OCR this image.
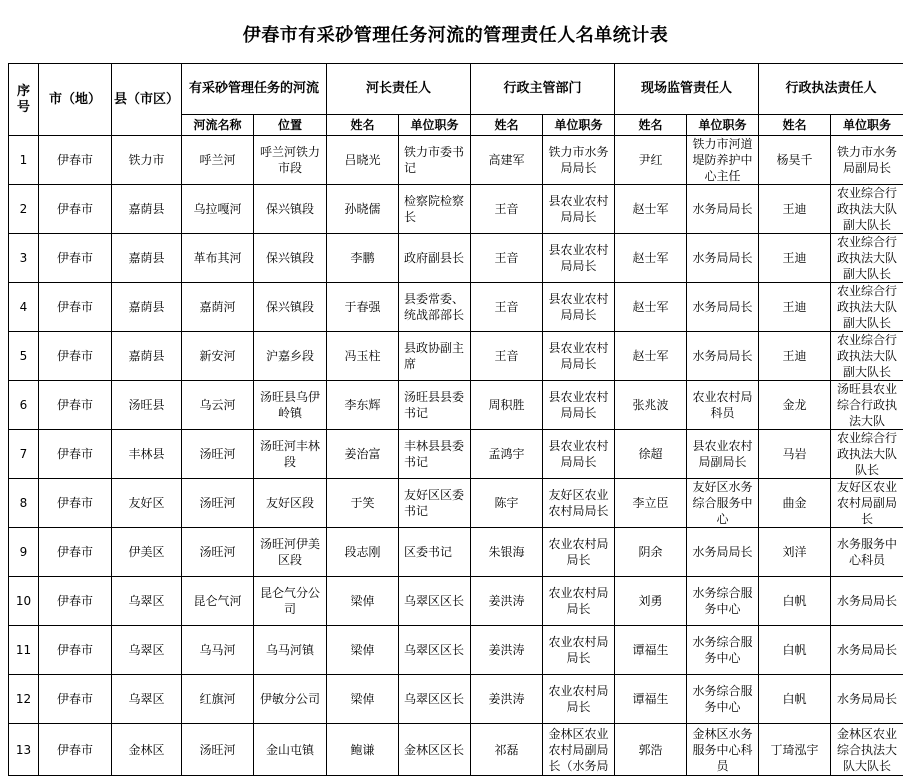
伊春市有采砂管理任务河流的管理责任人名单统计表
序号	市（地）	县（市区）	有采砂管理任务的河流		河长责任人		行政主管部门		现场监管责任人		行政执法责任人	
			河流名称	位置	姓名	单位职务	姓名	单位职务	姓名	单位职务	姓名	单位职务
1	伊春市	铁力市	呼兰河	呼兰河铁力市段	吕晓光	铁力市委书记	高建军	铁力市水务局局长	尹红	铁力市河道堤防养护中心主任	杨昊千	铁力市水务局副局长
2	伊春市	嘉荫县	乌拉嘎河	保兴镇段	孙晓儒	检察院检察长	王音	县农业农村局局长	赵士军	水务局局长	王迪	农业综合行政执法大队副大队长
3	伊春市	嘉荫县	革布其河	保兴镇段	李鹏	政府副县长	王音	县农业农村局局长	赵士军	水务局局长	王迪	农业综合行政执法大队副大队长
4	伊春市	嘉荫县	嘉荫河	保兴镇段	于春强	县委常委、统战部部长	王音	县农业农村局局长	赵士军	水务局局长	王迪	农业综合行政执法大队副大队长
5	伊春市	嘉荫县	新安河	沪嘉乡段	冯玉柱	县政协副主席	王音	县农业农村局局长	赵士军	水务局局长	王迪	农业综合行政执法大队副大队长
6	伊春市	汤旺县	乌云河	汤旺县乌伊岭镇	李东辉	汤旺县县委书记	周积胜	县农业农村局局长	张兆波	农业农村局科员	金龙	汤旺县农业综合行政执法大队
7	伊春市	丰林县	汤旺河	汤旺河丰林段	姜治富	丰林县县委书记	孟鸿宇	县农业农村局局长	徐超	县农业农村局副局长	马岩	农业综合行政执法大队队长
8	伊春市	友好区	汤旺河	友好区段	于笑	友好区区委书记	陈宇	友好区农业农村局局长	李立臣	友好区水务综合服务中心	曲金	友好区农业农村局副局长
9	伊春市	伊美区	汤旺河	汤旺河伊美区段	段志刚	区委书记	朱银海	农业农村局局长	阴余	水务局局长	刘洋	水务服务中心科员
10	伊春市	乌翠区	昆仑气河	昆仑气分公司	梁倬	乌翠区区长	姜洪涛	农业农村局局长	刘勇	水务综合服务中心	白帆	水务局局长
11	伊春市	乌翠区	乌马河	乌马河镇	梁倬	乌翠区区长	姜洪涛	农业农村局局长	谭福生	水务综合服务中心	白帆	水务局局长
12	伊春市	乌翠区	红旗河	伊敏分公司	梁倬	乌翠区区长	姜洪涛	农业农村局局长	谭福生	水务综合服务中心	白帆	水务局局长
13	伊春市	金林区	汤旺河	金山屯镇	鲍谦	金林区区长	祁磊	金林区农业农村局副局长（水务局	郭浩	金林区水务服务中心科员	丁琦泓宇	金林区农业综合执法大队大队长
